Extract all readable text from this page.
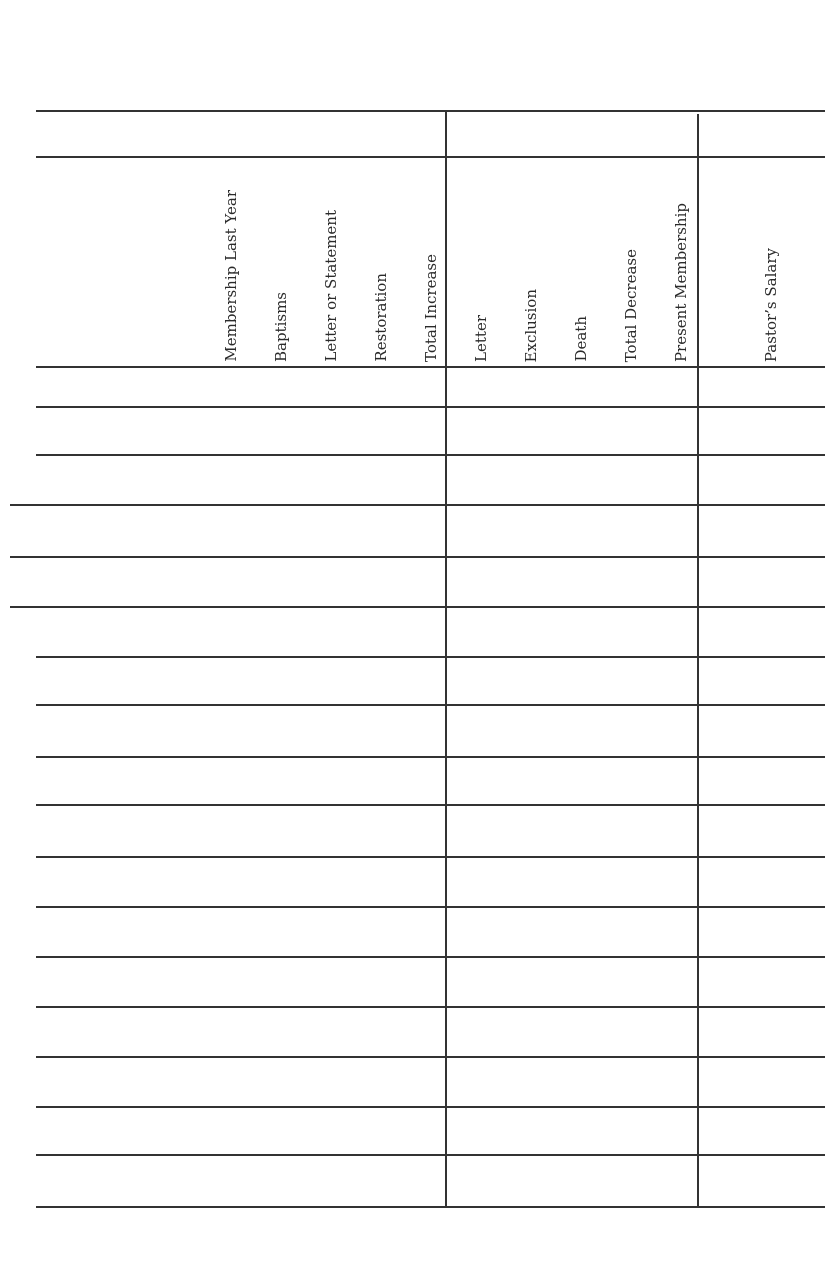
Membership Last Year Baptisms Letter or Statement Restoration Total Increase Letter Exclusion Death Total Decrease Present Membership	Pastor’s Salary
